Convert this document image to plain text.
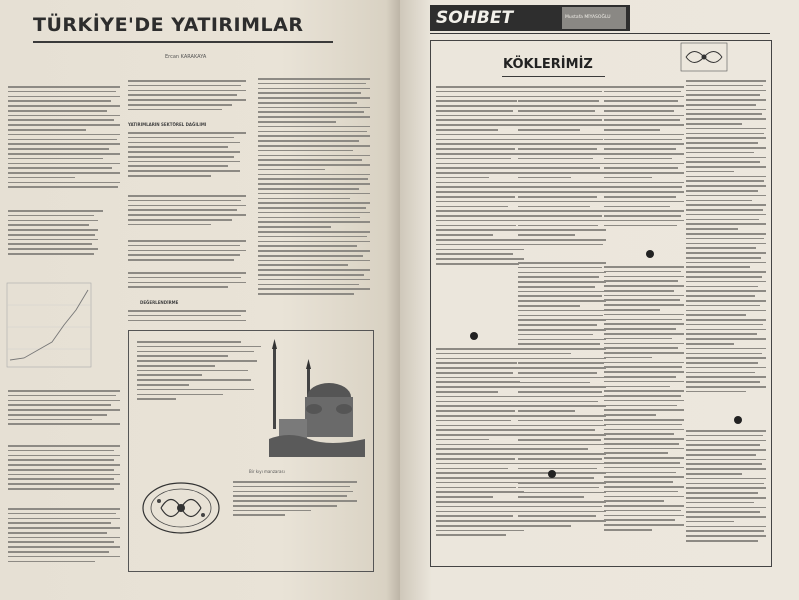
TÜRKİYE'DE YATIRIMLAR
Ercan KARAKAYA
YATIRIMLARIN SEKTÖREL DAĞILIMI
DEĞERLENDİRME
Bir kıyı manzarası
SOHBET	Mustafa MİYASOĞLU
KÖKLERİMİZ
